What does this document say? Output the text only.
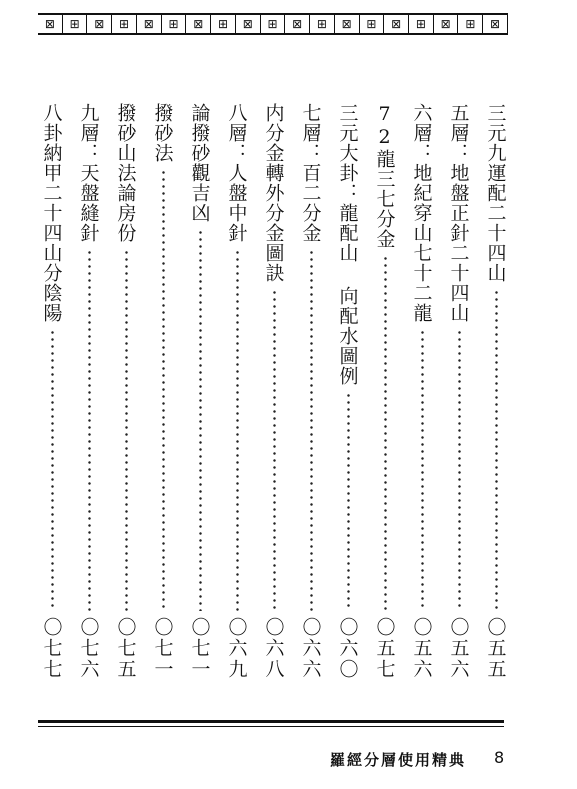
⊠	⊞	⊠	⊞	⊠	⊞	⊠	⊞	⊠	⊞	⊠	⊞	⊠	⊞	⊠	⊞	⊠	⊞	⊠
三元九運配二十四山
〇五五
五層：地盤正針二十四山
〇五六
六層：地紀穿山七十二龍
〇五六
72龍三七分金
〇五七
三元大卦：龍配山 向配水圖例
〇六〇
七層：百二分金
〇六六
内分金轉外分金圖訣
〇六八
八層：人盤中針
〇六九
論撥砂觀吉凶
〇七一
撥砂法
〇七一
撥砂山法論房份
〇七五
九層：天盤縫針
〇七六
八卦納甲二十四山分陰陽
〇七七
羅經分層使用精典 8
